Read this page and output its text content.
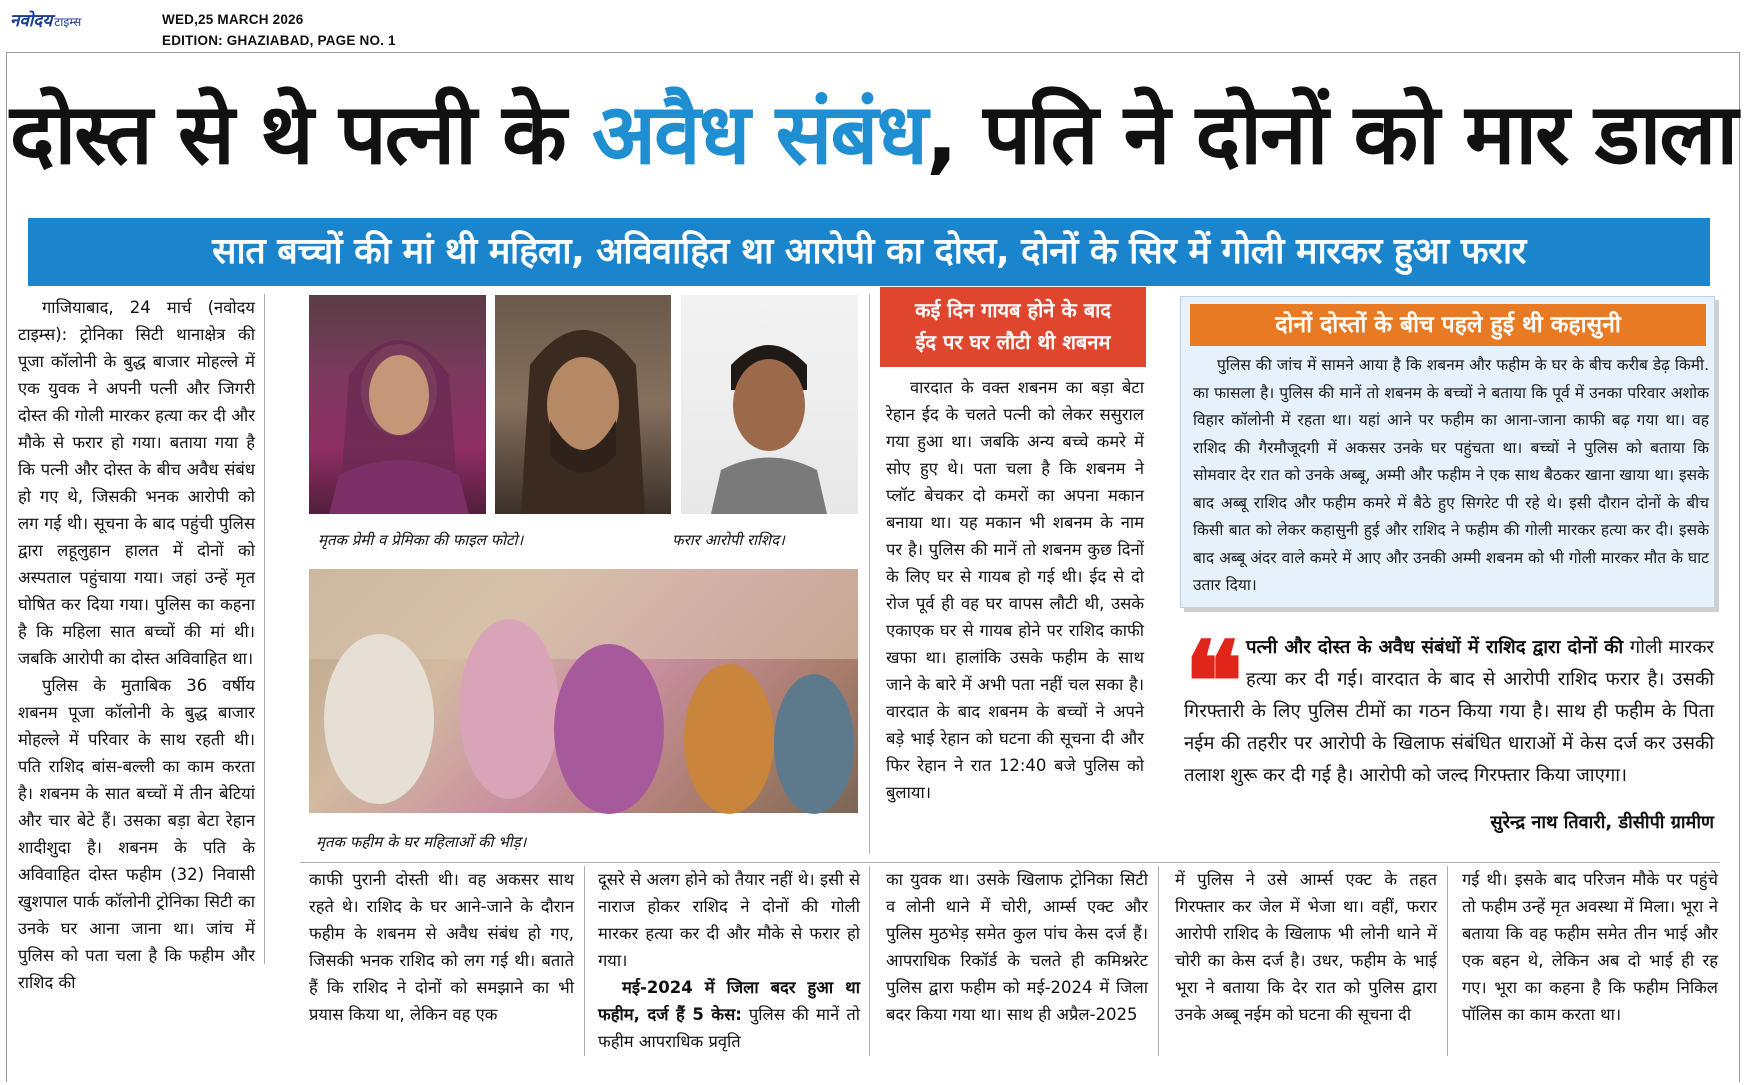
नवोदय टाइम्स	WED,25 MARCH 2026
EDITION: GHAZIABAD, PAGE NO. 1
दोस्त से थे पत्नी के अवैध संबंध, पति ने दोनों को मार डाला
सात बच्चों की मां थी महिला, अविवाहित था आरोपी का दोस्त, दोनों के सिर में गोली मारकर हुआ फरार

गाजियाबाद, 24 मार्च (नवोदय टाइम्स): ट्रोनिका सिटी थानाक्षेत्र की पूजा कॉलोनी के बुद्ध बाजार मोहल्ले में एक युवक ने अपनी पत्नी और जिगरी दोस्त की गोली मारकर हत्या कर दी और मौके से फरार हो गया। बताया गया है कि पत्नी और दोस्त के बीच अवैध संबंध हो गए थे, जिसकी भनक आरोपी को लग गई थी। सूचना के बाद पहुंची पुलिस द्वारा लहूलुहान हालत में दोनों को अस्पताल पहुंचाया गया। जहां उन्हें मृत घोषित कर दिया गया। पुलिस का कहना है कि महिला सात बच्चों की मां थी।जबकि आरोपी का दोस्त अविवाहित था।

पुलिस के मुताबिक 36 वर्षीय शबनम पूजा कॉलोनी के बुद्ध बाजार मोहल्ले में परिवार के साथ रहती थी। पति राशिद बांस-बल्ली का काम करता है। शबनम के सात बच्चों में तीन बेटियां और चार बेटे हैं। उसका बड़ा बेटा रेहान शादीशुदा है। शबनम के पति के अविवाहित दोस्त फहीम (32) निवासी खुशपाल पार्क कॉलोनी ट्रोनिका सिटी का उनके घर आना जाना था। जांच में पुलिस को पता चला है कि फहीम और राशिद की

मृतक प्रेमी व प्रेमिका की फाइल फोटो।	फरार आरोपी राशिद।
मृतक फहीम के घर महिलाओं की भीड़।
कई दिन गायब होने के बाद
ईद पर घर लौटी थी शबनम

वारदात के वक्त शबनम का बड़ा बेटा रेहान ईद के चलते पत्नी को लेकर ससुराल गया हुआ था। जबकि अन्य बच्चे कमरे में सोए हुए थे। पता चला है कि शबनम ने प्लॉट बेचकर दो कमरों का अपना मकान बनाया था। यह मकान भी शबनम के नाम पर है। पुलिस की मानें तो शबनम कुछ दिनों के लिए घर से गायब हो गई थी। ईद से दो रोज पूर्व ही वह घर वापस लौटी थी, उसके एकाएक घर से गायब होने पर राशिद काफी खफा था। हालांकि उसके फहीम के साथ जाने के बारे में अभी पता नहीं चल सका है। वारदात के बाद शबनम के बच्चों ने अपने बड़े भाई रेहान को घटना की सूचना दी और फिर रेहान ने रात 12:40 बजे पुलिस को बुलाया।

दोनों दोस्तों के बीच पहले हुई थी कहासुनी

पुलिस की जांच में सामने आया है कि शबनम और फहीम के घर के बीच करीब डेढ़ किमी. का फासला है। पुलिस की मानें तो शबनम के बच्चों ने बताया कि पूर्व में उनका परिवार अशोक विहार कॉलोनी में रहता था। यहां आने पर फहीम का आना-जाना काफी बढ़ गया था। वह राशिद की गैरमौजूदगी में अकसर उनके घर पहुंचता था। बच्चों ने पुलिस को बताया कि सोमवार देर रात को उनके अब्बू, अम्मी और फहीम ने एक साथ बैठकर खाना खाया था। इसके बाद अब्बू राशिद और फहीम कमरे में बैठे हुए सिगरेट पी रहे थे। इसी दौरान दोनों के बीच किसी बात को लेकर कहासुनी हुई और राशिद ने फहीम की गोली मारकर हत्या कर दी। इसके बाद अब्बू अंदर वाले कमरे में आए और उनकी अम्मी शबनम को भी गोली मारकर मौत के घाट उतार दिया।

❝ पत्नी और दोस्त के अवैध संबंधों में राशिद द्वारा दोनों की गोली मारकर हत्या कर दी गई। वारदात के बाद से आरोपी राशिद फरार है। उसकी गिरफ्तारी के लिए पुलिस टीमों का गठन किया गया है। साथ ही फहीम के पिता नईम की तहरीर पर आरोपी के खिलाफ संबंधित धाराओं में केस दर्ज कर उसकी तलाश शुरू कर दी गई है। आरोपी को जल्द गिरफ्तार किया जाएगा।
सुरेन्द्र नाथ तिवारी, डीसीपी ग्रामीण

काफी पुरानी दोस्ती थी। वह अकसर साथ रहते थे। राशिद के घर आने-जाने के दौरान फहीम के शबनम से अवैध संबंध हो गए, जिसकी भनक राशिद को लग गई थी। बताते हैं कि राशिद ने दोनों को समझाने का भी प्रयास किया था, लेकिन वह एक

दूसरे से अलग होने को तैयार नहीं थे। इसी से नाराज होकर राशिद ने दोनों की गोली मारकर हत्या कर दी और मौके से फरार हो गया।

मई-2024 में जिला बदर हुआ था फहीम, दर्ज हैं 5 केस: पुलिस की मानें तो फहीम आपराधिक प्रवृति

का युवक था। उसके खिलाफ ट्रोनिका सिटी व लोनी थाने में चोरी, आर्म्स एक्ट और पुलिस मुठभेड़ समेत कुल पांच केस दर्ज हैं। आपराधिक रिकॉर्ड के चलते ही कमिश्नरेट पुलिस द्वारा फहीम को मई-2024 में जिला बदर किया गया था। साथ ही अप्रैल-2025

में पुलिस ने उसे आर्म्स एक्ट के तहत गिरफ्तार कर जेल में भेजा था। वहीं, फरार आरोपी राशिद के खिलाफ भी लोनी थाने में चोरी का केस दर्ज है। उधर, फहीम के भाई भूरा ने बताया कि देर रात को पुलिस द्वारा उनके अब्बू नईम को घटना की सूचना दी

गई थी। इसके बाद परिजन मौके पर पहुंचे तो फहीम उन्हें मृत अवस्था में मिला। भूरा ने बताया कि वह फहीम समेत तीन भाई और एक बहन थे, लेकिन अब दो भाई ही रह गए। भूरा का कहना है कि फहीम निकिल पॉलिस का काम करता था।
